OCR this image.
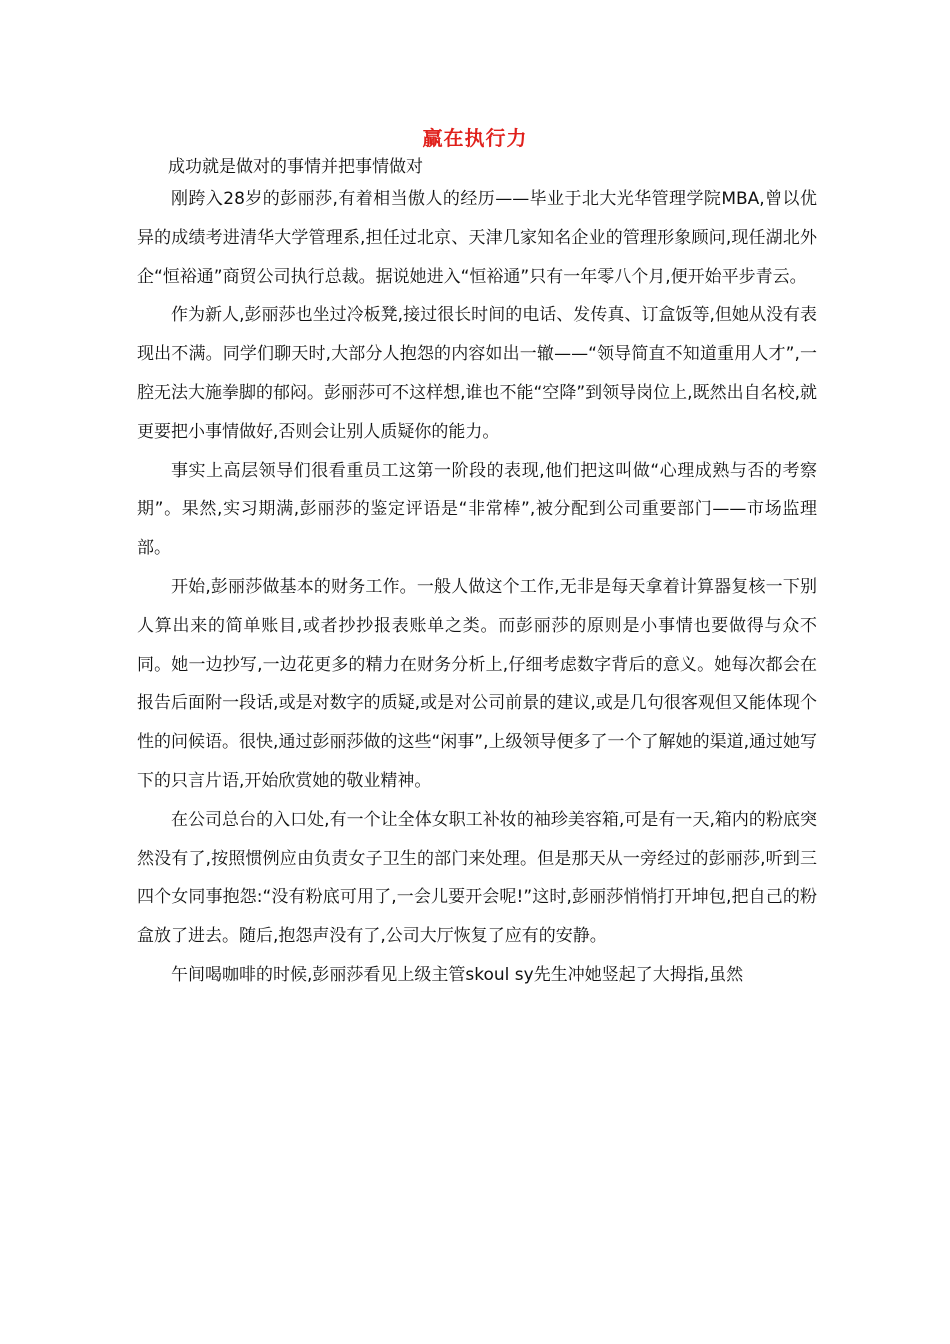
赢在执行力

成功就是做对的事情并把事情做对

刚跨入28岁的彭丽莎,有着相当傲人的经历——毕业于北大光华管理学院MBA,曾以优异的成绩考进清华大学管理系,担任过北京、天津几家知名企业的管理形象顾问,现任湖北外企“恒裕通”商贸公司执行总裁。据说她进入“恒裕通”只有一年零八个月,便开始平步青云。

作为新人,彭丽莎也坐过冷板凳,接过很长时间的电话、发传真、订盒饭等,但她从没有表现出不满。同学们聊天时,大部分人抱怨的内容如出一辙——“领导简直不知道重用人才”,一腔无法大施拳脚的郁闷。彭丽莎可不这样想,谁也不能“空降”到领导岗位上,既然出自名校,就更要把小事情做好,否则会让别人质疑你的能力。

事实上高层领导们很看重员工这第一阶段的表现,他们把这叫做“心理成熟与否的考察期”。果然,实习期满,彭丽莎的鉴定评语是“非常棒”,被分配到公司重要部门——市场监理部。

开始,彭丽莎做基本的财务工作。一般人做这个工作,无非是每天拿着计算器复核一下别人算出来的简单账目,或者抄抄报表账单之类。而彭丽莎的原则是小事情也要做得与众不同。她一边抄写,一边花更多的精力在财务分析上,仔细考虑数字背后的意义。她每次都会在报告后面附一段话,或是对数字的质疑,或是对公司前景的建议,或是几句很客观但又能体现个性的问候语。很快,通过彭丽莎做的这些“闲事”,上级领导便多了一个了解她的渠道,通过她写下的只言片语,开始欣赏她的敬业精神。

在公司总台的入口处,有一个让全体女职工补妆的袖珍美容箱,可是有一天,箱内的粉底突然没有了,按照惯例应由负责女子卫生的部门来处理。但是那天从一旁经过的彭丽莎,听到三四个女同事抱怨:“没有粉底可用了,一会儿要开会呢!”这时,彭丽莎悄悄打开坤包,把自己的粉盒放了进去。随后,抱怨声没有了,公司大厅恢复了应有的安静。

午间喝咖啡的时候,彭丽莎看见上级主管skoul sy先生冲她竖起了大拇指,虽然
